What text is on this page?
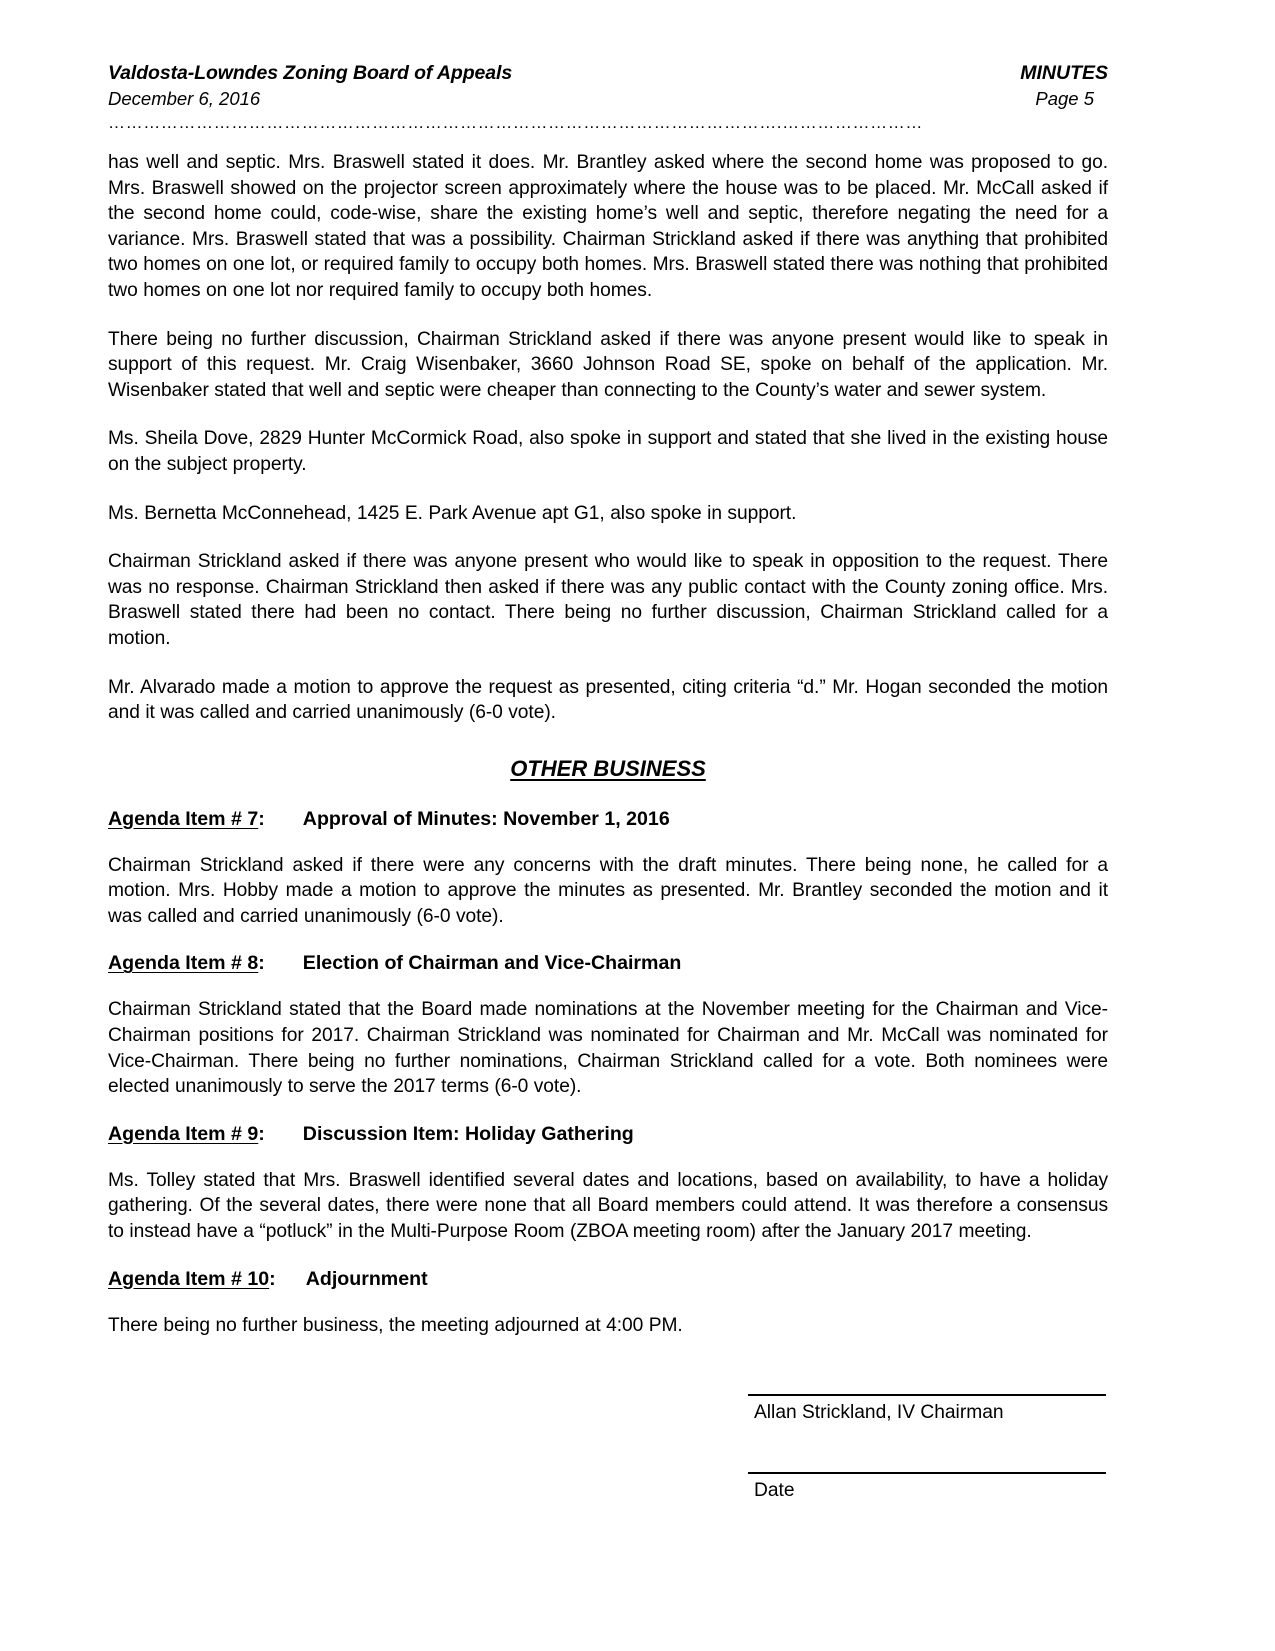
Valdosta-Lowndes Zoning Board of Appeals	MINUTES
December 6, 2016	Page 5
…………………………………………………………………………………………………….……………………

has well and septic. Mrs. Braswell stated it does. Mr. Brantley asked where the second home was proposed to go. Mrs. Braswell showed on the projector screen approximately where the house was to be placed. Mr. McCall asked if the second home could, code-wise, share the existing home’s well and septic, therefore negating the need for a variance. Mrs. Braswell stated that was a possibility. Chairman Strickland asked if there was anything that prohibited two homes on one lot, or required family to occupy both homes. Mrs. Braswell stated there was nothing that prohibited two homes on one lot nor required family to occupy both homes.

There being no further discussion, Chairman Strickland asked if there was anyone present would like to speak in support of this request. Mr. Craig Wisenbaker, 3660 Johnson Road SE, spoke on behalf of the application. Mr. Wisenbaker stated that well and septic were cheaper than connecting to the County’s water and sewer system.

Ms. Sheila Dove, 2829 Hunter McCormick Road, also spoke in support and stated that she lived in the existing house on the subject property.

Ms. Bernetta McConnehead, 1425 E. Park Avenue apt G1, also spoke in support.

Chairman Strickland asked if there was anyone present who would like to speak in opposition to the request. There was no response. Chairman Strickland then asked if there was any public contact with the County zoning office. Mrs. Braswell stated there had been no contact. There being no further discussion, Chairman Strickland called for a motion.

Mr. Alvarado made a motion to approve the request as presented, citing criteria “d.” Mr. Hogan seconded the motion and it was called and carried unanimously (6-0 vote).

OTHER BUSINESS
Agenda Item # 7: Approval of Minutes: November 1, 2016

Chairman Strickland asked if there were any concerns with the draft minutes. There being none, he called for a motion. Mrs. Hobby made a motion to approve the minutes as presented. Mr. Brantley seconded the motion and it was called and carried unanimously (6-0 vote).

Agenda Item # 8: Election of Chairman and Vice-Chairman

Chairman Strickland stated that the Board made nominations at the November meeting for the Chairman and Vice-Chairman positions for 2017. Chairman Strickland was nominated for Chairman and Mr. McCall was nominated for Vice-Chairman. There being no further nominations, Chairman Strickland called for a vote. Both nominees were elected unanimously to serve the 2017 terms (6-0 vote).

Agenda Item # 9: Discussion Item: Holiday Gathering

Ms. Tolley stated that Mrs. Braswell identified several dates and locations, based on availability, to have a holiday gathering. Of the several dates, there were none that all Board members could attend. It was therefore a consensus to instead have a “potluck” in the Multi-Purpose Room (ZBOA meeting room) after the January 2017 meeting.

Agenda Item # 10: Adjournment

There being no further business, the meeting adjourned at 4:00 PM.

Allan Strickland, IV Chairman
Date
